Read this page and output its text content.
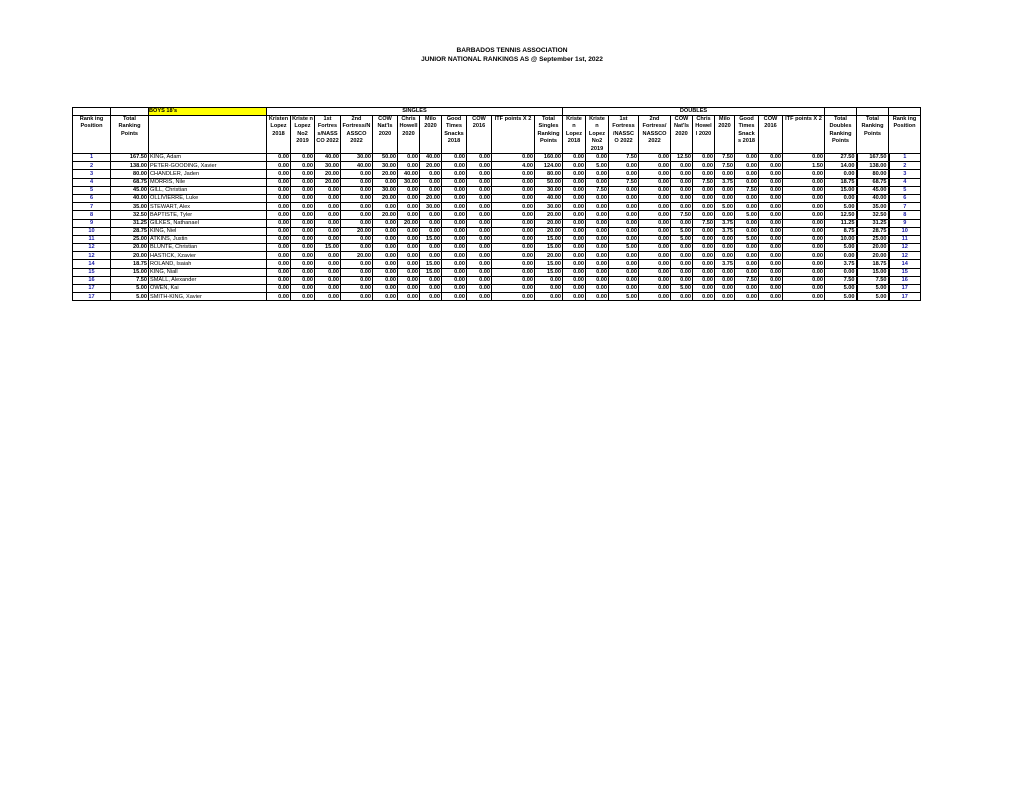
BARBADOS TENNIS ASSOCIATION
JUNIOR NATIONAL RANKINGS AS @ September 1st, 2022
		BOYS 18's	SINGLES											DOUBLES												
Rank ing Position	Total Ranking Points		Kristen Lopez 2018	Kriste n Lopez No2 2019	1st Fortres s/NASS CO 2022	2nd Fortress/N ASSCO 2022	COW Nat'ls 2020	Chris Howell 2020	Milo 2020	Good Times Snacks 2018	COW 2016	ITF points X 2	Total Singles Ranking Points	Kriste n Lopez 2018	Kriste n Lopez No2 2019	1st Fortress /NASSC O 2022	2nd Fortress/ NASSCO 2022	COW Nat'ls 2020	Chris Howel l 2020	Milo 2020	Good Times Snack s 2018	COW 2016	ITF points X 2	Total Doubles Ranking Points	Total Ranking Points	Rank ing Position
1	167.50	KING, Adam	0.00	0.00	40.00	30.00	50.00	0.00	40.00	0.00	0.00	0.00	160.00	0.00	0.00	7.50	0.00	12.50	0.00	7.50	0.00	0.00	0.00	27.50	167.50	1
2	138.00	PETER-GOODING, Xavier	0.00	0.00	30.00	40.00	30.00	0.00	20.00	0.00	0.00	4.00	124.00	0.00	5.00	0.00	0.00	0.00	0.00	7.50	0.00	0.00	1.50	14.00	138.00	2
3	80.00	CHANDLER, Jaden	0.00	0.00	20.00	0.00	20.00	40.00	0.00	0.00	0.00	0.00	80.00	0.00	0.00	0.00	0.00	0.00	0.00	0.00	0.00	0.00	0.00	0.00	80.00	3
4	68.75	MORRIS, Nile	0.00	0.00	20.00	0.00	0.00	30.00	0.00	0.00	0.00	0.00	50.00	0.00	0.00	7.50	0.00	0.00	7.50	3.75	0.00	0.00	0.00	18.75	68.75	4
5	45.00	GILL, Christian	0.00	0.00	0.00	0.00	30.00	0.00	0.00	0.00	0.00	0.00	30.00	0.00	7.50	0.00	0.00	0.00	0.00	0.00	7.50	0.00	0.00	15.00	45.00	5
6	40.00	OLLIVIERRE, Luke	0.00	0.00	0.00	0.00	20.00	0.00	20.00	0.00	0.00	0.00	40.00	0.00	0.00	0.00	0.00	0.00	0.00	0.00	0.00	0.00	0.00	0.00	40.00	6
7	35.00	STEWART, Alex	0.00	0.00	0.00	0.00	0.00	0.00	30.00	0.00	0.00	0.00	30.00	0.00	0.00	0.00	0.00	0.00	0.00	5.00	0.00	0.00	0.00	5.00	35.00	7
8	32.50	BAPTISTE, Tyler	0.00	0.00	0.00	0.00	20.00	0.00	0.00	0.00	0.00	0.00	20.00	0.00	0.00	0.00	0.00	7.50	0.00	0.00	5.00	0.00	0.00	12.50	32.50	8
9	31.25	GILKES, Nathanael	0.00	0.00	0.00	0.00	0.00	20.00	0.00	0.00	0.00	0.00	20.00	0.00	0.00	0.00	0.00	0.00	7.50	3.75	0.00	0.00	0.00	11.25	31.25	9
10	28.75	KING, Niel	0.00	0.00	0.00	20.00	0.00	0.00	0.00	0.00	0.00	0.00	20.00	0.00	0.00	0.00	0.00	5.00	0.00	3.75	0.00	0.00	0.00	8.75	28.75	10
11	25.00	ATKINS, Justin	0.00	0.00	0.00	0.00	0.00	0.00	15.00	0.00	0.00	0.00	15.00	0.00	0.00	0.00	0.00	5.00	0.00	0.00	5.00	0.00	0.00	10.00	25.00	11
12	20.00	BLUNTE, Christian	0.00	0.00	15.00	0.00	0.00	0.00	0.00	0.00	0.00	0.00	15.00	0.00	0.00	5.00	0.00	0.00	0.00	0.00	0.00	0.00	0.00	5.00	20.00	12
12	20.00	HASTICK, Xzavier	0.00	0.00	0.00	20.00	0.00	0.00	0.00	0.00	0.00	0.00	20.00	0.00	0.00	0.00	0.00	0.00	0.00	0.00	0.00	0.00	0.00	0.00	20.00	12
14	18.75	ROLAND, Isaiah	0.00	0.00	0.00	0.00	0.00	0.00	15.00	0.00	0.00	0.00	15.00	0.00	0.00	0.00	0.00	0.00	0.00	3.75	0.00	0.00	0.00	3.75	18.75	14
15	15.00	KING, Niall	0.00	0.00	0.00	0.00	0.00	0.00	15.00	0.00	0.00	0.00	15.00	0.00	0.00	0.00	0.00	0.00	0.00	0.00	0.00	0.00	0.00	0.00	15.00	15
16	7.50	SMALL, Alexander	0.00	0.00	0.00	0.00	0.00	0.00	0.00	0.00	0.00	0.00	0.00	0.00	0.00	0.00	0.00	0.00	0.00	0.00	7.50	0.00	0.00	7.50	7.50	16
17	5.00	OWEN, Kai	0.00	0.00	0.00	0.00	0.00	0.00	0.00	0.00	0.00	0.00	0.00	0.00	0.00	0.00	0.00	5.00	0.00	0.00	0.00	0.00	0.00	5.00	5.00	17
17	5.00	SMITH-KING, Xavier	0.00	0.00	0.00	0.00	0.00	0.00	0.00	0.00	0.00	0.00	0.00	0.00	0.00	5.00	0.00	0.00	0.00	0.00	0.00	0.00	0.00	5.00	5.00	17
